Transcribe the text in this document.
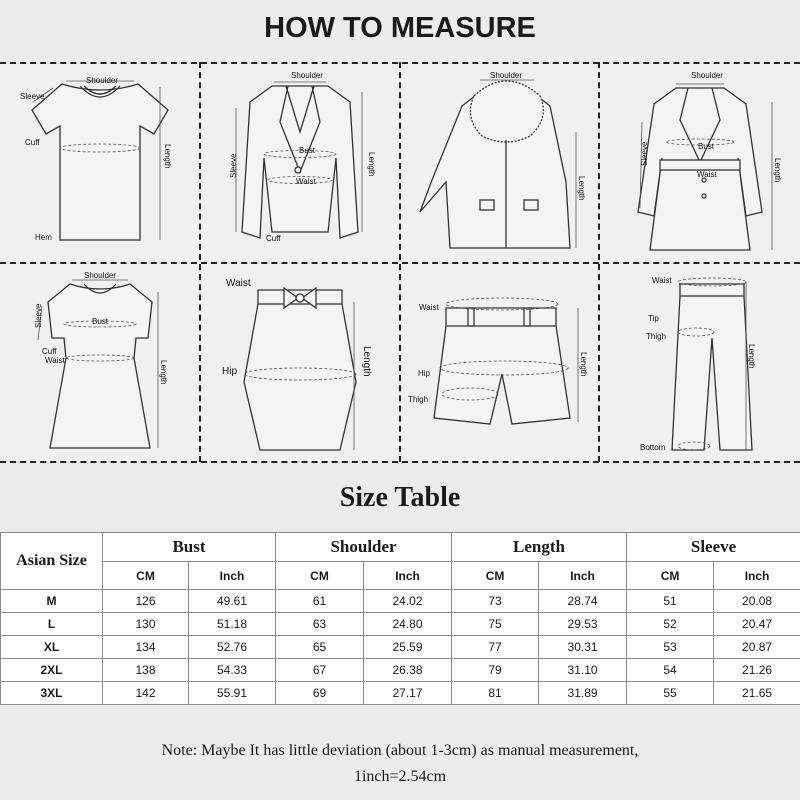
HOW TO MEASURE
Shoulder
Sleeve
Cuff
Length
Hem
Shoulder
Bust
Waist
Sleeve	Length
Cuff
Shoulder
Length
Shoulder
Sleeve	Bust
Waist	Length
Shoulder
Sleeve	Bust
Cuff
Waist	Length
Waist
Hip	Length
Waist
Hip
Thigh
Length
Waist
Tip
Thigh
Bottom
Length
Size Table
Asian Size	Bust		Shoulder		Length		Sleeve	
	CM	Inch	CM	Inch	CM	Inch	CM	Inch
M	126	49.61	61	24.02	73	28.74	51	20.08
L	130	51.18	63	24.80	75	29.53	52	20.47
XL	134	52.76	65	25.59	77	30.31	53	20.87
2XL	138	54.33	67	26.38	79	31.10	54	21.26
3XL	142	55.91	69	27.17	81	31.89	55	21.65
Note: Maybe It has little deviation (about 1-3cm) as manual measurement,
1inch=2.54cm
